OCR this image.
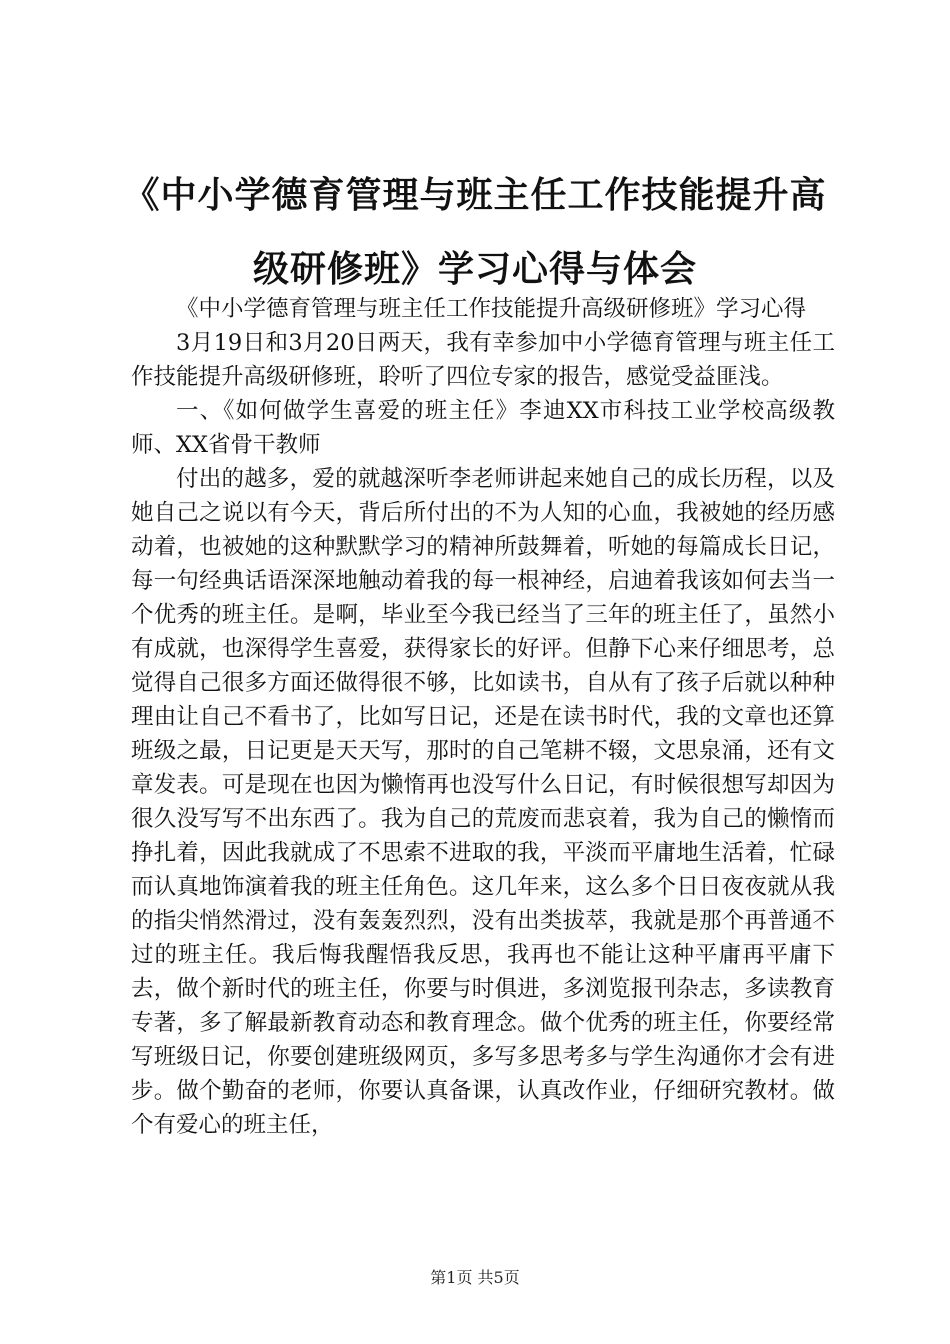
《中小学德育管理与班主任工作技能提升高级研修班》学习心得与体会

《中小学德育管理与班主任工作技能提升高级研修班》学习心得

3月19日和3月20日两天，我有幸参加中小学德育管理与班主任工作技能提升高级研修班，聆听了四位专家的报告，感觉受益匪浅。

一、《如何做学生喜爱的班主任》李迪XX市科技工业学校高级教师、XX省骨干教师

付出的越多，爱的就越深听李老师讲起来她自己的成长历程，以及她自己之说以有今天，背后所付出的不为人知的心血，我被她的经历感动着，也被她的这种默默学习的精神所鼓舞着，听她的每篇成长日记，每一句经典话语深深地触动着我的每一根神经，启迪着我该如何去当一个优秀的班主任。是啊，毕业至今我已经当了三年的班主任了，虽然小有成就，也深得学生喜爱，获得家长的好评。但静下心来仔细思考，总觉得自己很多方面还做得很不够，比如读书，自从有了孩子后就以种种理由让自己不看书了，比如写日记，还是在读书时代，我的文章也还算班级之最，日记更是天天写，那时的自己笔耕不辍，文思泉涌，还有文章发表。可是现在也因为懒惰再也没写什么日记，有时候很想写却因为很久没写写不出东西了。我为自己的荒废而悲哀着，我为自己的懒惰而挣扎着，因此我就成了不思索不进取的我，平淡而平庸地生活着，忙碌而认真地饰演着我的班主任角色。这几年来，这么多个日日夜夜就从我的指尖悄然滑过，没有轰轰烈烈，没有出类拔萃，我就是那个再普通不过的班主任。我后悔我醒悟我反思，我再也不能让这种平庸再平庸下去，做个新时代的班主任，你要与时俱进，多浏览报刊杂志，多读教育专著，多了解最新教育动态和教育理念。做个优秀的班主任，你要经常写班级日记，你要创建班级网页，多写多思考多与学生沟通你才会有进步。做个勤奋的老师，你要认真备课，认真改作业，仔细研究教材。做个有爱心的班主任，

第1页 共5页
